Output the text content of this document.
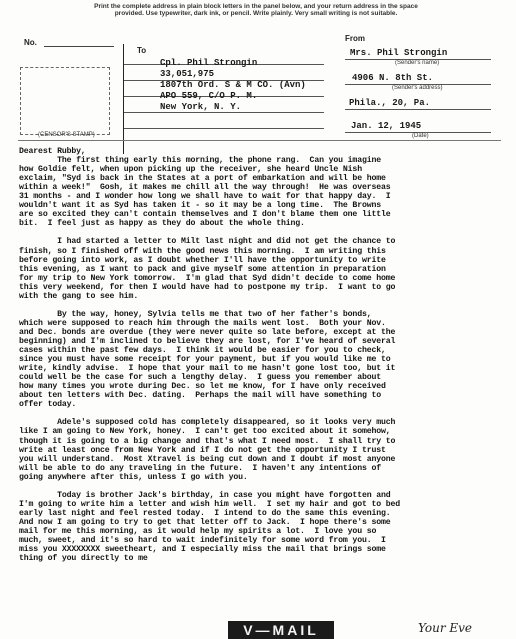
Print the complete address in plain block letters in the panel below, and your return address in the space
provided. Use typewriter, dark ink, or pencil. Write plainly. Very small writing is not suitable.
No.
(CENSOR'S STAMP)
To
Cpl. Phil Strongin
33,051,975
1807th Ord. S & M CO. (Avn)
APO 559, C/O P. M.
New York, N. Y.
From
Mrs. Phil Strongin
(Sender's name)
4906 N. 8th St.
(Sender's address)
Phila., 20, Pa.
Jan. 12, 1945
(Date)
Dearest Rubby,
The first thing early this morning, the phone rang.  Can you imagine
how Goldie felt, when upon picking up the receiver, she heard Uncle Nish
exclaim, "Syd is back in the States at a port of embarkation and will be home
within a week!"  Gosh, it makes me chill all the way through!  He was overseas
31 months - and I wonder how long we shall have to wait for that happy day.  I
wouldn't want it as Syd has taken it - so it may be a long time.  The Browns
are so excited they can't contain themselves and I don't blame them one little
bit.  I feel just as happy as they do about the whole thing.

I had started a letter to Milt last night and did not get the chance to
finish, so I finished off with the good news this morning.  I am writing this
before going into work, as I doubt whether I'll have the opportunity to write
this evening, as I want to pack and give myself some attention in preparation
for my trip to New York tomorrow.  I'm glad that Syd didn't decide to come home
this very weekend, for then I would have had to postpone my trip.  I want to go
with the gang to see him.

By the way, honey, Sylvia tells me that two of her father's bonds,
which were supposed to reach him through the mails went lost.  Both your Nov.
and Dec. bonds are overdue (they were never quite so late before, except at the
beginning) and I'm inclined to believe they are lost, for I've heard of several
cases within the past few days.  I think it would be easier for you to check,
since you must have some receipt for your payment, but if you would like me to
write, kindly advise.  I hope that your mail to me hasn't gone lost too, but it
could well be the case for such a lengthy delay.  I guess you remember about
how many times you wrote during Dec. so let me know, for I have only received
about ten letters with Dec. dating.  Perhaps the mail will have something to
offer today.

Adele's supposed cold has completely disappeared, so it looks very much
like I am going to New York, honey.  I can't get too excited about it somehow,
though it is going to a big change and that's what I need most.  I shall try to
write at least once from New York and if I do not get the opportunity I trust
you will understand.  Most Xtravel is being cut down and I doubt if most anyone
will be able to do any traveling in the future.  I haven't any intentions of
going anywhere after this, unless I go with you.

Today is brother Jack's birthday, in case you might have forgotten and
I'm going to write him a letter and wish him well.  I set my hair and got to bed
early last night and feel rested today.  I intend to do the same this evening.
And now I am going to try to get that letter off to Jack.  I hope there's some
mail for me this morning, as it would help my spirits a lot.  I love you so
much, sweet, and it's so hard to wait indefinitely for some word from you.  I
miss you XXXXXXXX sweetheart, and I especially miss the mail that brings some
thing of you directly to me
V—MAIL	Your Eve
